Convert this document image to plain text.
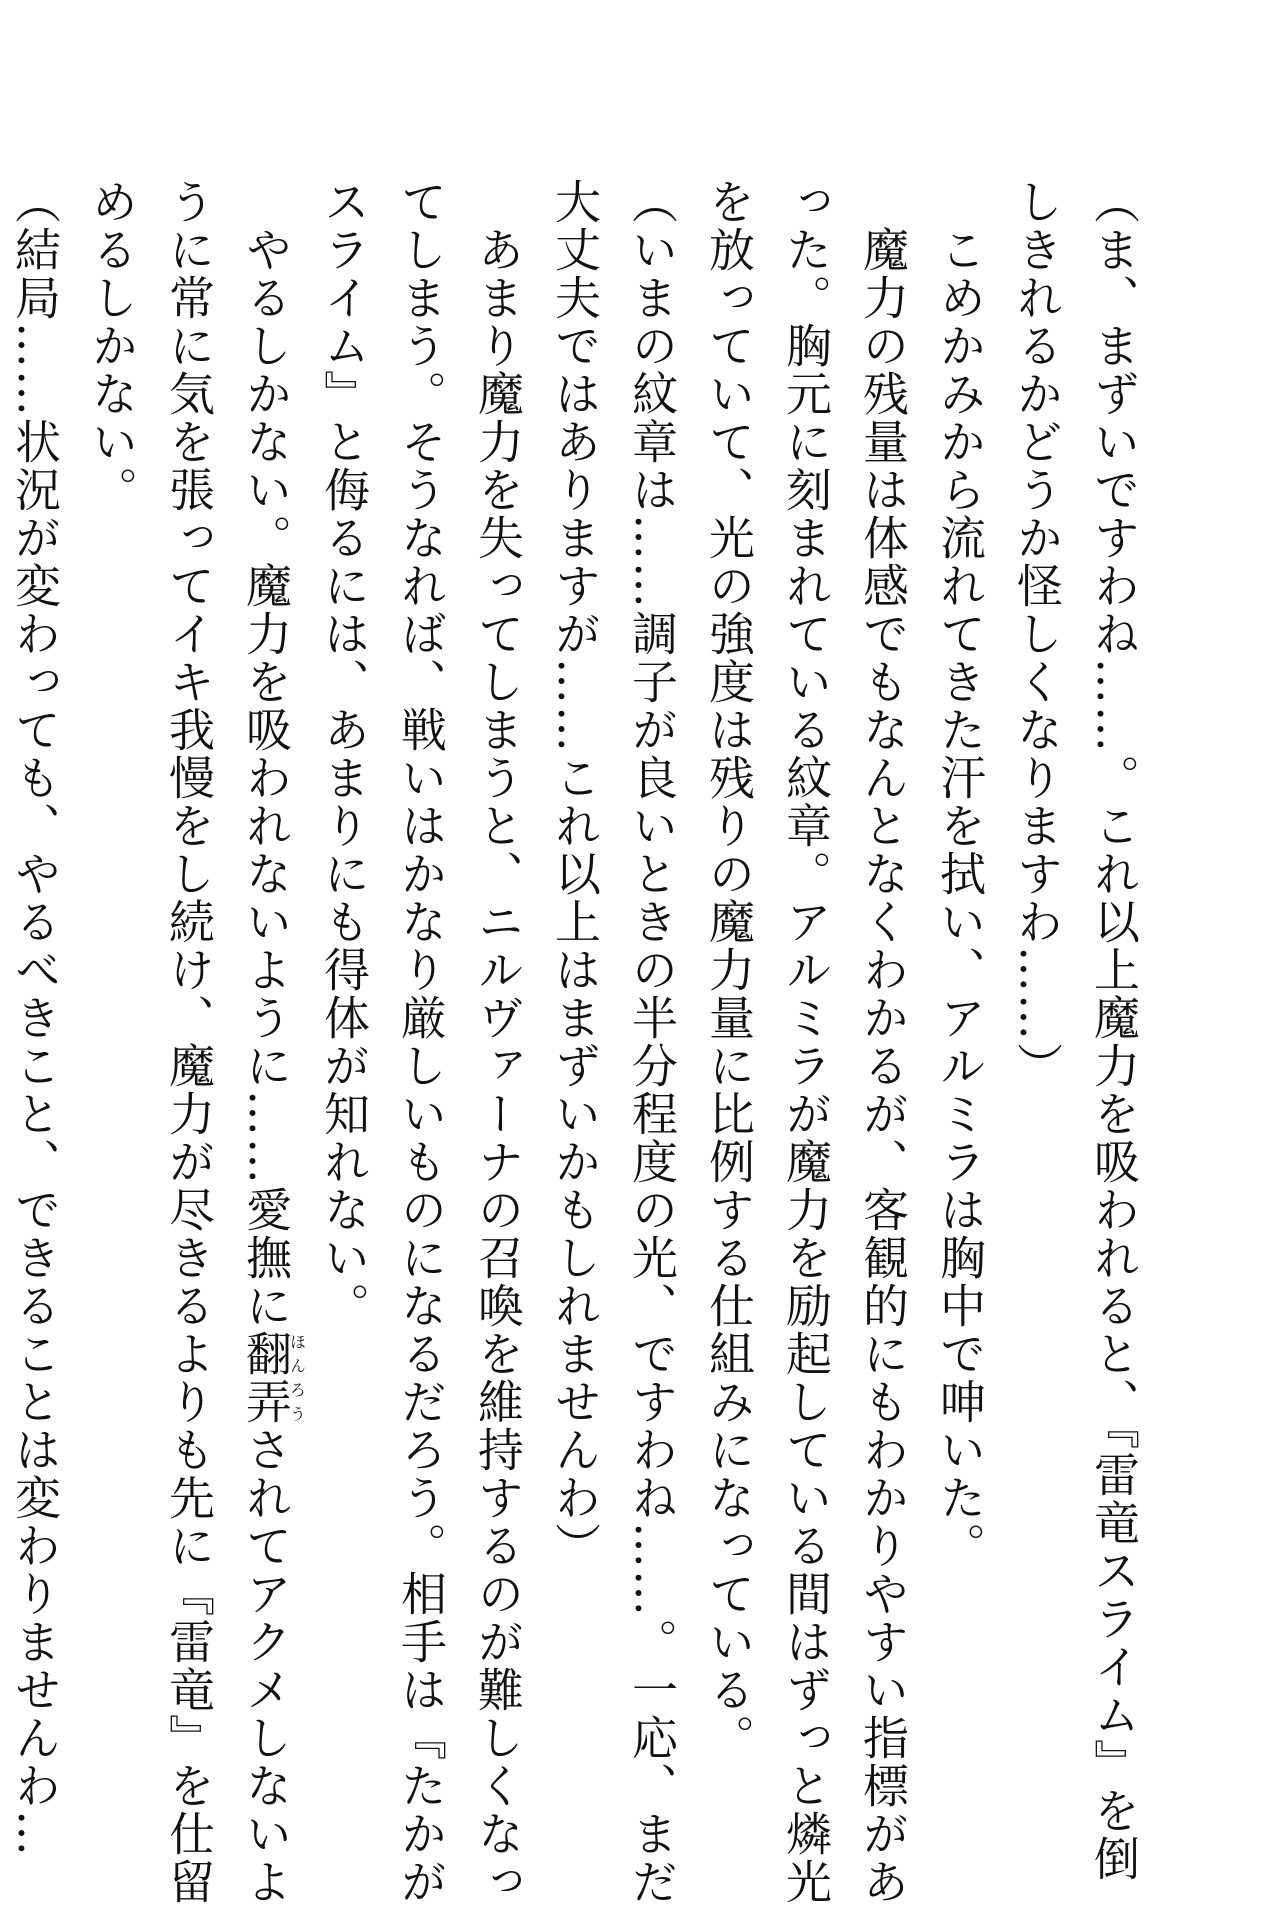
（ま、まずいですわね……。これ以上魔力を吸われると、『雷竜スライム』を倒
しきれるかどうか怪しくなりますわ……）
　こめかみから流れてきた汗を拭い、アルミラは胸中で呻いた。
　魔力の残量は体感でもなんとなくわかるが、客観的にもわかりやすい指標があ
った。胸元に刻まれている紋章。アルミラが魔力を励起している間はずっと燐光
を放っていて、光の強度は残りの魔力量に比例する仕組みになっている。
（いまの紋章は……調子が良いときの半分程度の光、ですわね……。一応、まだ
大丈夫ではありますが……これ以上はまずいかもしれませんわ）
　あまり魔力を失ってしまうと、ニルヴァーナの召喚を維持するのが難しくなっ
てしまう。そうなれば、戦いはかなり厳しいものになるだろう。相手は『たかが
スライム』と侮るには、あまりにも得体が知れない。
　やるしかない。魔力を吸われないように……愛撫に翻弄ほんろうされてアクメしないよ
うに常に気を張ってイキ我慢をし続け、魔力が尽きるよりも先に『雷竜』を仕留
めるしかない。
（結局……状況が変わっても、やるべきこと、できることは変わりませんわ…
